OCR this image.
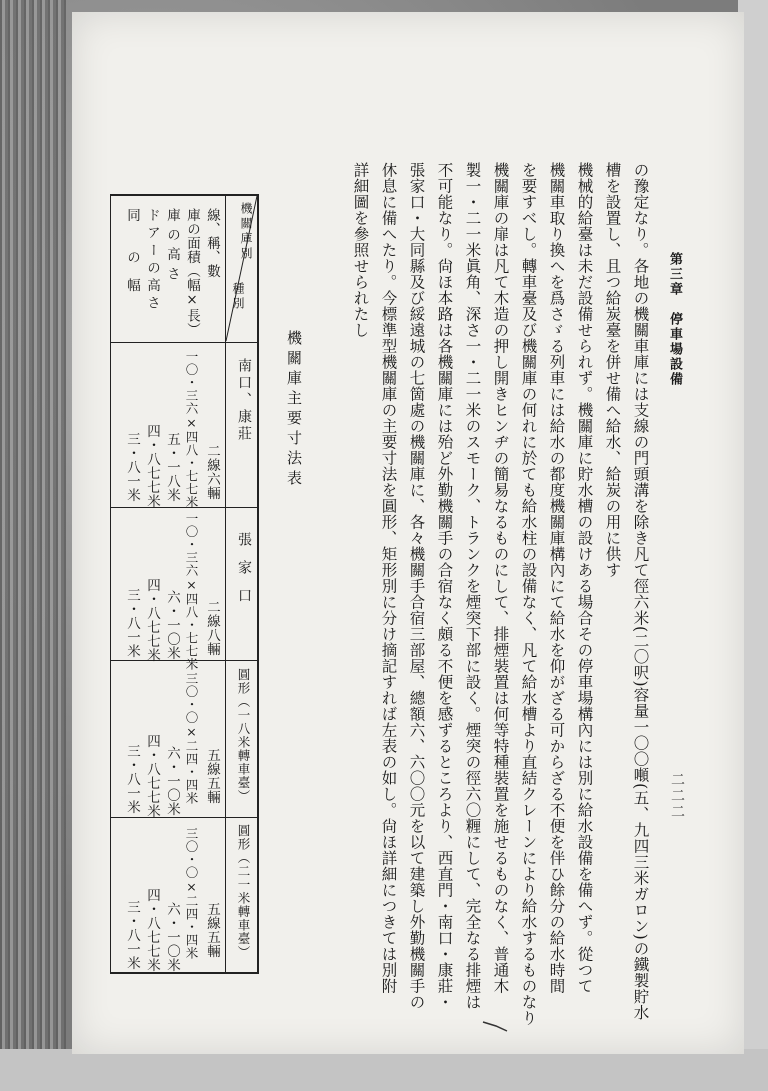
第三章　停車場設備
二二二
の豫定なり。各地の機關車庫には支線の門頭溝を除き凡て徑六米(二〇呎)容量一〇〇噸(五、九四三米ガロン)の鐵製貯水
槽を設置し、且つ給炭臺を併せ備へ給水、給炭の用に供す
機械的給臺は未だ設備せられず。機關庫に貯水槽の設けある場合その停車場構內には別に給水設備を備へず。從つて
機關車取り換へを爲さゞる列車には給水の都度機關庫構內にて給水を仰がざる可からざる不便を伴ひ餘分の給水時間
を要すべし。轉車臺及び機關庫の何れに於ても給水柱の設備なく、凡て給水槽より直結クレーンにより給水するものなり
機關庫の扉は凡て木造の押し開きヒンヂの簡易なるものにして、排煙裝置は何等特種裝置を施せるものなく、普通木
製一・二一米眞角、深さ一・二一米のスモーク、トランクを煙突下部に設く。煙突の徑六〇糎にして、完全なる排煙は
不可能なり。尙ほ本路は各機關庫には殆ど外勤機關手の合宿なく頗る不便を感ずるところより、西直門・南口・康莊・
張家口・大同縣及び綏遠城の七箇處の機關庫に、各々機關手合宿三部屋、總額六、六〇〇元を以て建築し外勤機關手の
休息に備へたり。今標準型機關庫の主要寸法を圓形、矩形別に分け摘記すれば左表の如し。尙ほ詳細につきては別附
詳細圖を參照せられたし
機關庫主要寸法表
機關庫別
種別
南口、康莊
張家口
圓形（一八米轉車臺）
圓形（二一米轉車臺）
線、稱、數
庫の面積（幅×長）
庫の高さ
ドアーの高さ
同　　の　幅
二線六輛
一〇・三六×四八・七七米
五・一八米
四・八七七米
三・八一米
二線八輛
一〇・三六×四八・七七米
六・一〇米
四・八七七米
三・八一米
五線五輛
三〇・〇×二四・四米
六・一〇米
四・八七七米
三・八一米
五線五輛
三〇・〇×二四・四米
六・一〇米
四・八七七米
三・八一米
